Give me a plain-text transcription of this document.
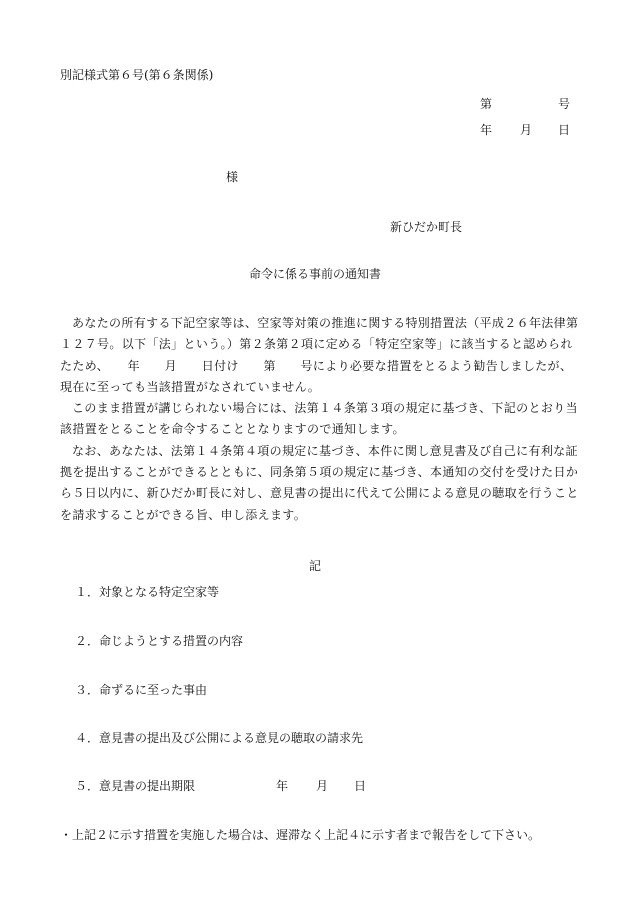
別記様式第６号(第６条関係)
第	号
年 月 日
様
新ひだか町長
命令に係る事前の通知書

あなたの所有する下記空家等は、空家等対策の推進に関する特別措置法（平成２６年法律第１２７号。以下「法」という。）第２条第２項に定める「特定空家等」に該当すると認められたため、　　年　　月　　日付け　　第　　号により必要な措置をとるよう勧告しましたが、現在に至っても当該措置がなされていません。

このまま措置が講じられない場合には、法第１４条第３項の規定に基づき、下記のとおり当該措置をとることを命令することとなりますので通知します。

なお、あなたは、法第１４条第４項の規定に基づき、本件に関し意見書及び自己に有利な証拠を提出することができるとともに、同条第５項の規定に基づき、本通知の交付を受けた日から５日以内に、新ひだか町長に対し、意見書の提出に代えて公開による意見の聴取を行うことを請求することができる旨、申し添えます。

記
１．対象となる特定空家等
２．命じようとする措置の内容
３．命ずるに至った事由
４．意見書の提出及び公開による意見の聴取の請求先
５．意見書の提出期限	年 月 日
・上記２に示す措置を実施した場合は、遅滞なく上記４に示す者まで報告をして下さい。
